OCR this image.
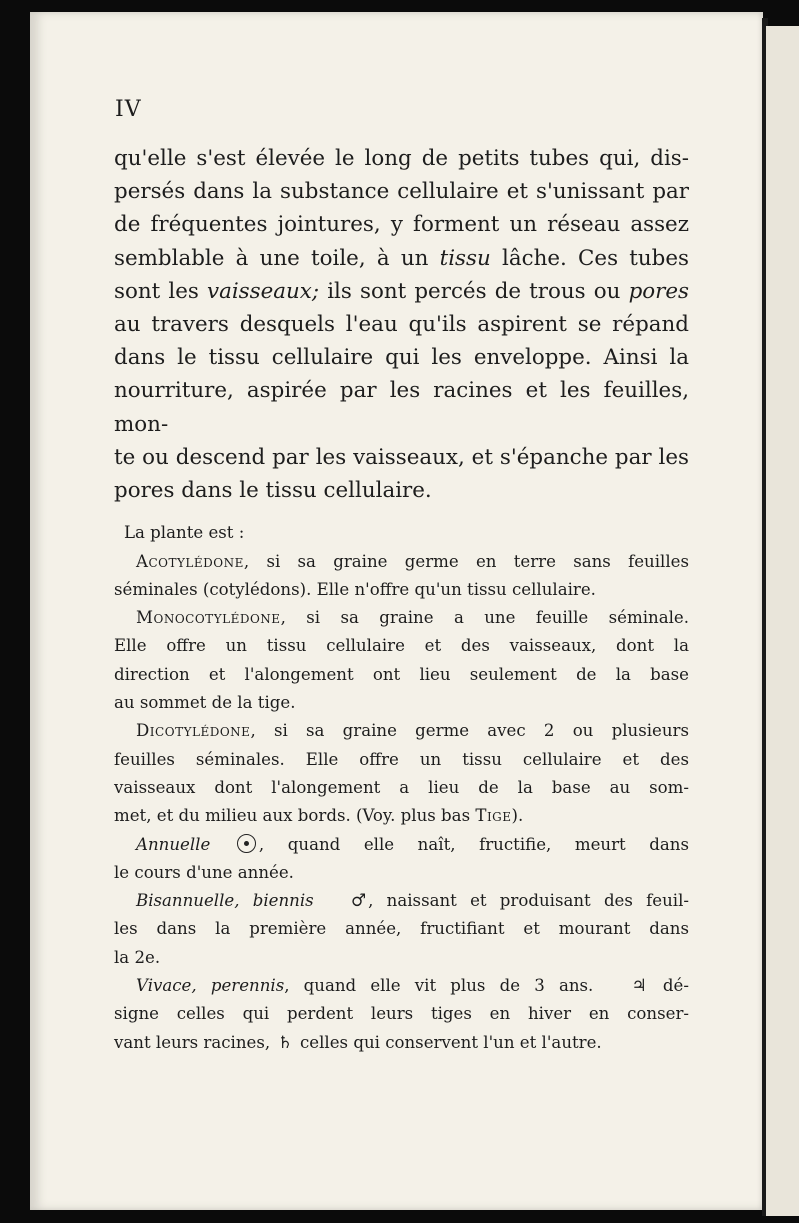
IV

qu'elle s'est élevée le long de petits tubes qui, dis-

persés dans la substance cellulaire et s'unissant par

de fréquentes jointures, y forment un réseau assez

semblable à une toile, à un tissu lâche. Ces tubes

sont les vaisseaux; ils sont percés de trous ou pores

au travers desquels l'eau qu'ils aspirent se répand

dans le tissu cellulaire qui les enveloppe. Ainsi la

nourriture, aspirée par les racines et les feuilles, mon-

te ou descend par les vaisseaux, et s'épanche par les

pores dans le tissu cellulaire.

La plante est :

Acotylédone, si sa graine germe en terre sans feuilles

séminales (cotylédons). Elle n'offre qu'un tissu cellulaire.

Monocotylédone, si sa graine a une feuille séminale.

Elle offre un tissu cellulaire et des vaisseaux, dont la

direction et l'alongement ont lieu seulement de la base

au sommet de la tige.

Dicotylédone, si sa graine germe avec 2 ou plusieurs

feuilles séminales. Elle offre un tissu cellulaire et des

vaisseaux dont l'alongement a lieu de la base au som-

met, et du milieu aux bords. (Voy. plus bas Tige).

Annuelle	, quand elle naît, fructifie, meurt dans

le cours d'une année.

Bisannuelle, biennis ♂ , naissant et produisant des feuil-

les dans la première année, fructifiant et mourant dans

la 2e.

Vivace, perennis, quand elle vit plus de 3 ans. ♃ dé-

signe celles qui perdent leurs tiges en hiver en conser-

vant leurs racines, ♄ celles qui conservent l'un et l'autre.
